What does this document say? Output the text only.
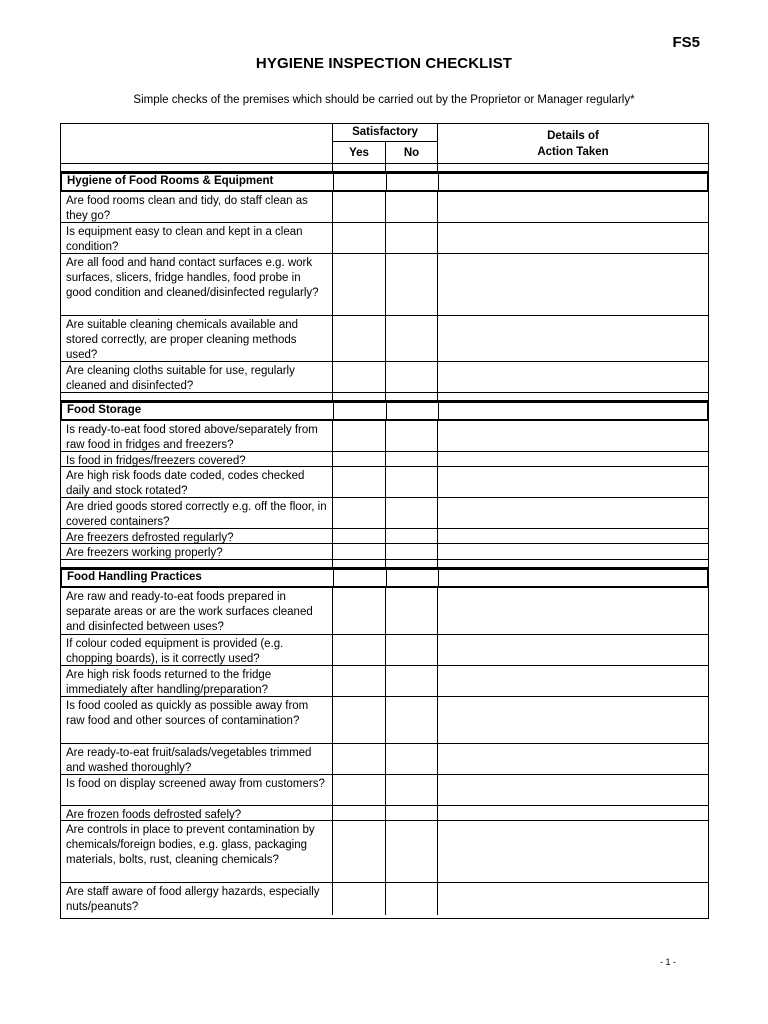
FS5
HYGIENE INSPECTION CHECKLIST
Simple checks of the premises which should be carried out by the Proprietor or Manager regularly*
Satisfactory
Yes	No
Details of
Action Taken
Hygiene of Food Rooms & Equipment
Are food rooms clean and tidy, do staff clean as they go?
Is equipment easy to clean and kept in a clean condition?
Are all food and hand contact surfaces e.g. work surfaces, slicers, fridge handles, food probe in good condition and cleaned/disinfected regularly?
Are suitable cleaning chemicals available and stored correctly, are proper cleaning methods used?
Are cleaning cloths suitable for use, regularly cleaned and disinfected?
Food Storage
Is ready-to-eat food stored above/separately from raw food in fridges and freezers?
Is food in fridges/freezers covered?
Are high risk foods date coded, codes checked daily and stock rotated?
Are dried goods stored correctly e.g. off the floor, in covered containers?
Are freezers defrosted regularly?
Are freezers working properly?
Food Handling Practices
Are raw and ready-to-eat foods prepared in separate areas or are the work surfaces cleaned and disinfected between uses?
If colour coded equipment is provided (e.g. chopping boards), is it correctly used?
Are high risk foods returned to the fridge immediately after handling/preparation?
Is food cooled as quickly as possible away from raw food and other sources of contamination?
Are ready-to-eat fruit/salads/vegetables trimmed and washed thoroughly?
Is food on display screened away from customers?
Are frozen foods defrosted safely?
Are controls in place to prevent contamination by chemicals/foreign bodies, e.g. glass, packaging materials, bolts, rust, cleaning chemicals?
Are staff aware of food allergy hazards, especially nuts/peanuts?
- 1 -
